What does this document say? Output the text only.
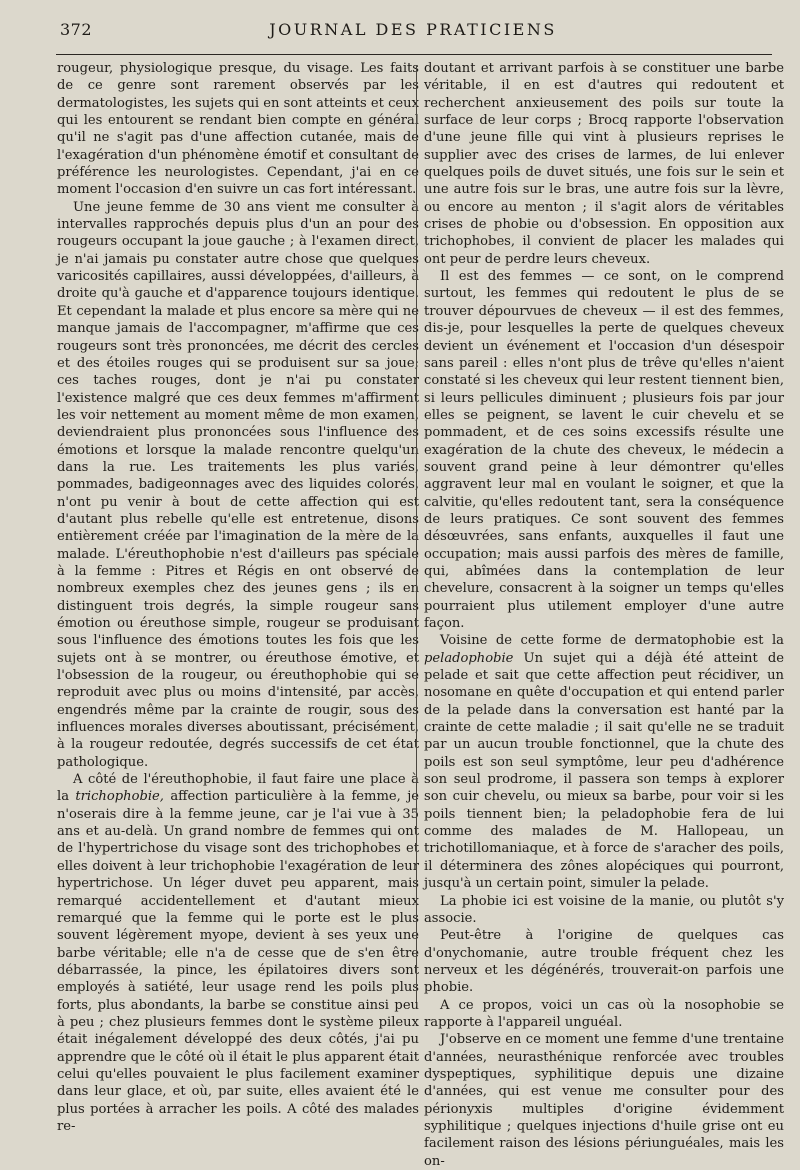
372	JOURNAL DES PRATICIENS

rougeur, physiologique presque, du visage. Les faits de ce genre sont rarement observés par les dermatologistes, les sujets qui en sont atteints et ceux qui les entourent se rendant bien compte en général qu'il ne s'agit pas d'une affection cutanée, mais de l'exagération d'un phénomène émotif et consultant de préférence les neurologistes. Cependant, j'ai en ce moment l'occasion d'en suivre un cas fort intéressant.

Une jeune femme de 30 ans vient me consulter à intervalles rapprochés depuis plus d'un an pour des rougeurs occupant la joue gauche ; à l'examen direct, je n'ai jamais pu constater autre chose que quelques varicosités capillaires, aussi développées, d'ailleurs, à droite qu'à gauche et d'apparence toujours identique. Et cependant la malade et plus encore sa mère qui ne manque jamais de l'accompagner, m'affirme que ces rougeurs sont très prononcées, me décrit des cercles et des étoiles rouges qui se produisent sur sa joue; ces taches rouges, dont je n'ai pu constater l'existence malgré que ces deux femmes m'affirment les voir nettement au moment même de mon examen, deviendraient plus prononcées sous l'influence des émotions et lorsque la malade rencontre quelqu'un dans la rue. Les traitements les plus variés, pommades, badigeonnages avec des liquides colorés, n'ont pu venir à bout de cette affection qui est d'autant plus rebelle qu'elle est entretenue, disons entièrement créée par l'imagination de la mère de la malade. L'éreuthophobie n'est d'ailleurs pas spéciale à la femme : Pitres et Régis en ont observé de nombreux exemples chez des jeunes gens ; ils en distinguent trois degrés, la simple rougeur sans émotion ou éreuthose simple, rougeur se produisant sous l'influence des émotions toutes les fois que les sujets ont à se montrer, ou éreuthose émotive, et l'obsession de la rougeur, ou éreuthophobie qui se reproduit avec plus ou moins d'intensité, par accès, engendrés même par la crainte de rougir, sous des influences morales diverses aboutissant, précisément, à la rougeur redoutée, degrés successifs de cet état pathologique.

A côté de l'éreuthophobie, il faut faire une place à la trichophobie, affection particulière à la femme, je n'oserais dire à la femme jeune, car je l'ai vue à 35 ans et au-delà. Un grand nombre de femmes qui ont de l'hypertrichose du visage sont des trichophobes et elles doivent à leur trichophobie l'exagération de leur hypertrichose. Un léger duvet peu apparent, mais remarqué accidentellement et d'autant mieux remarqué que la femme qui le porte est le plus souvent légèrement myope, devient à ses yeux une barbe véritable; elle n'a de cesse que de s'en être débarrassée, la pince, les épilatoires divers sont employés à satiété, leur usage rend les poils plus forts, plus abondants, la barbe se constitue ainsi peu à peu ; chez plusieurs femmes dont le système pileux était inégalement développé des deux côtés, j'ai pu apprendre que le côté où il était le plus apparent était celui qu'elles pouvaient le plus facilement examiner dans leur glace, et où, par suite, elles avaient été le plus portées à arracher les poils. A côté des malades re-

doutant et arrivant parfois à se constituer une barbe véritable, il en est d'autres qui redoutent et recherchent anxieusement des poils sur toute la surface de leur corps ; Brocq rapporte l'observation d'une jeune fille qui vint à plusieurs reprises le supplier avec des crises de larmes, de lui enlever quelques poils de duvet situés, une fois sur le sein et une autre fois sur le bras, une autre fois sur la lèvre, ou encore au menton ; il s'agit alors de véritables crises de phobie ou d'obsession. En opposition aux trichophobes, il convient de placer les malades qui ont peur de perdre leurs cheveux.

Il est des femmes — ce sont, on le comprend surtout, les femmes qui redoutent le plus de se trouver dépourvues de cheveux — il est des femmes, dis-je, pour lesquelles la perte de quelques cheveux devient un événement et l'occasion d'un désespoir sans pareil : elles n'ont plus de trêve qu'elles n'aient constaté si les cheveux qui leur restent tiennent bien, si leurs pellicules diminuent ; plusieurs fois par jour elles se peignent, se lavent le cuir chevelu et se pommadent, et de ces soins excessifs résulte une exagération de la chute des cheveux, le médecin a souvent grand peine à leur démontrer qu'elles aggravent leur mal en voulant le soigner, et que la calvitie, qu'elles redoutent tant, sera la conséquence de leurs pratiques. Ce sont souvent des femmes désœuvrées, sans enfants, auxquelles il faut une occupation; mais aussi parfois des mères de famille, qui, abîmées dans la contemplation de leur chevelure, consacrent à la soigner un temps qu'elles pourraient plus utilement employer d'une autre façon.

Voisine de cette forme de dermatophobie est la peladophobie Un sujet qui a déjà été atteint de pelade et sait que cette affection peut récidiver, un nosomane en quête d'occupation et qui entend parler de la pelade dans la conversation est hanté par la crainte de cette maladie ; il sait qu'elle ne se traduit par un aucun trouble fonctionnel, que la chute des poils est son seul symptôme, leur peu d'adhérence son seul prodrome, il passera son temps à explorer son cuir chevelu, ou mieux sa barbe, pour voir si les poils tiennent bien; la peladophobie fera de lui comme des malades de M. Hallopeau, un trichotillomaniaque, et à force de s'aracher des poils, il déterminera des zônes alopéciques qui pourront, jusqu'à un certain point, simuler la pelade.

La phobie ici est voisine de la manie, ou plutôt s'y associe.

Peut-être à l'origine de quelques cas d'onychomanie, autre trouble fréquent chez les nerveux et les dégénérés, trouverait-on parfois une phobie.

A ce propos, voici un cas où la nosophobie se rapporte à l'appareil unguéal.

J'observe en ce moment une femme d'une trentaine d'années, neurasthénique renforcée avec troubles dyspeptiques, syphilitique depuis une dizaine d'années, qui est venue me consulter pour des périonyxis multiples d'origine évidemment syphilitique ; quelques injections d'huile grise ont eu facilement raison des lésions périunguéales, mais les on-
